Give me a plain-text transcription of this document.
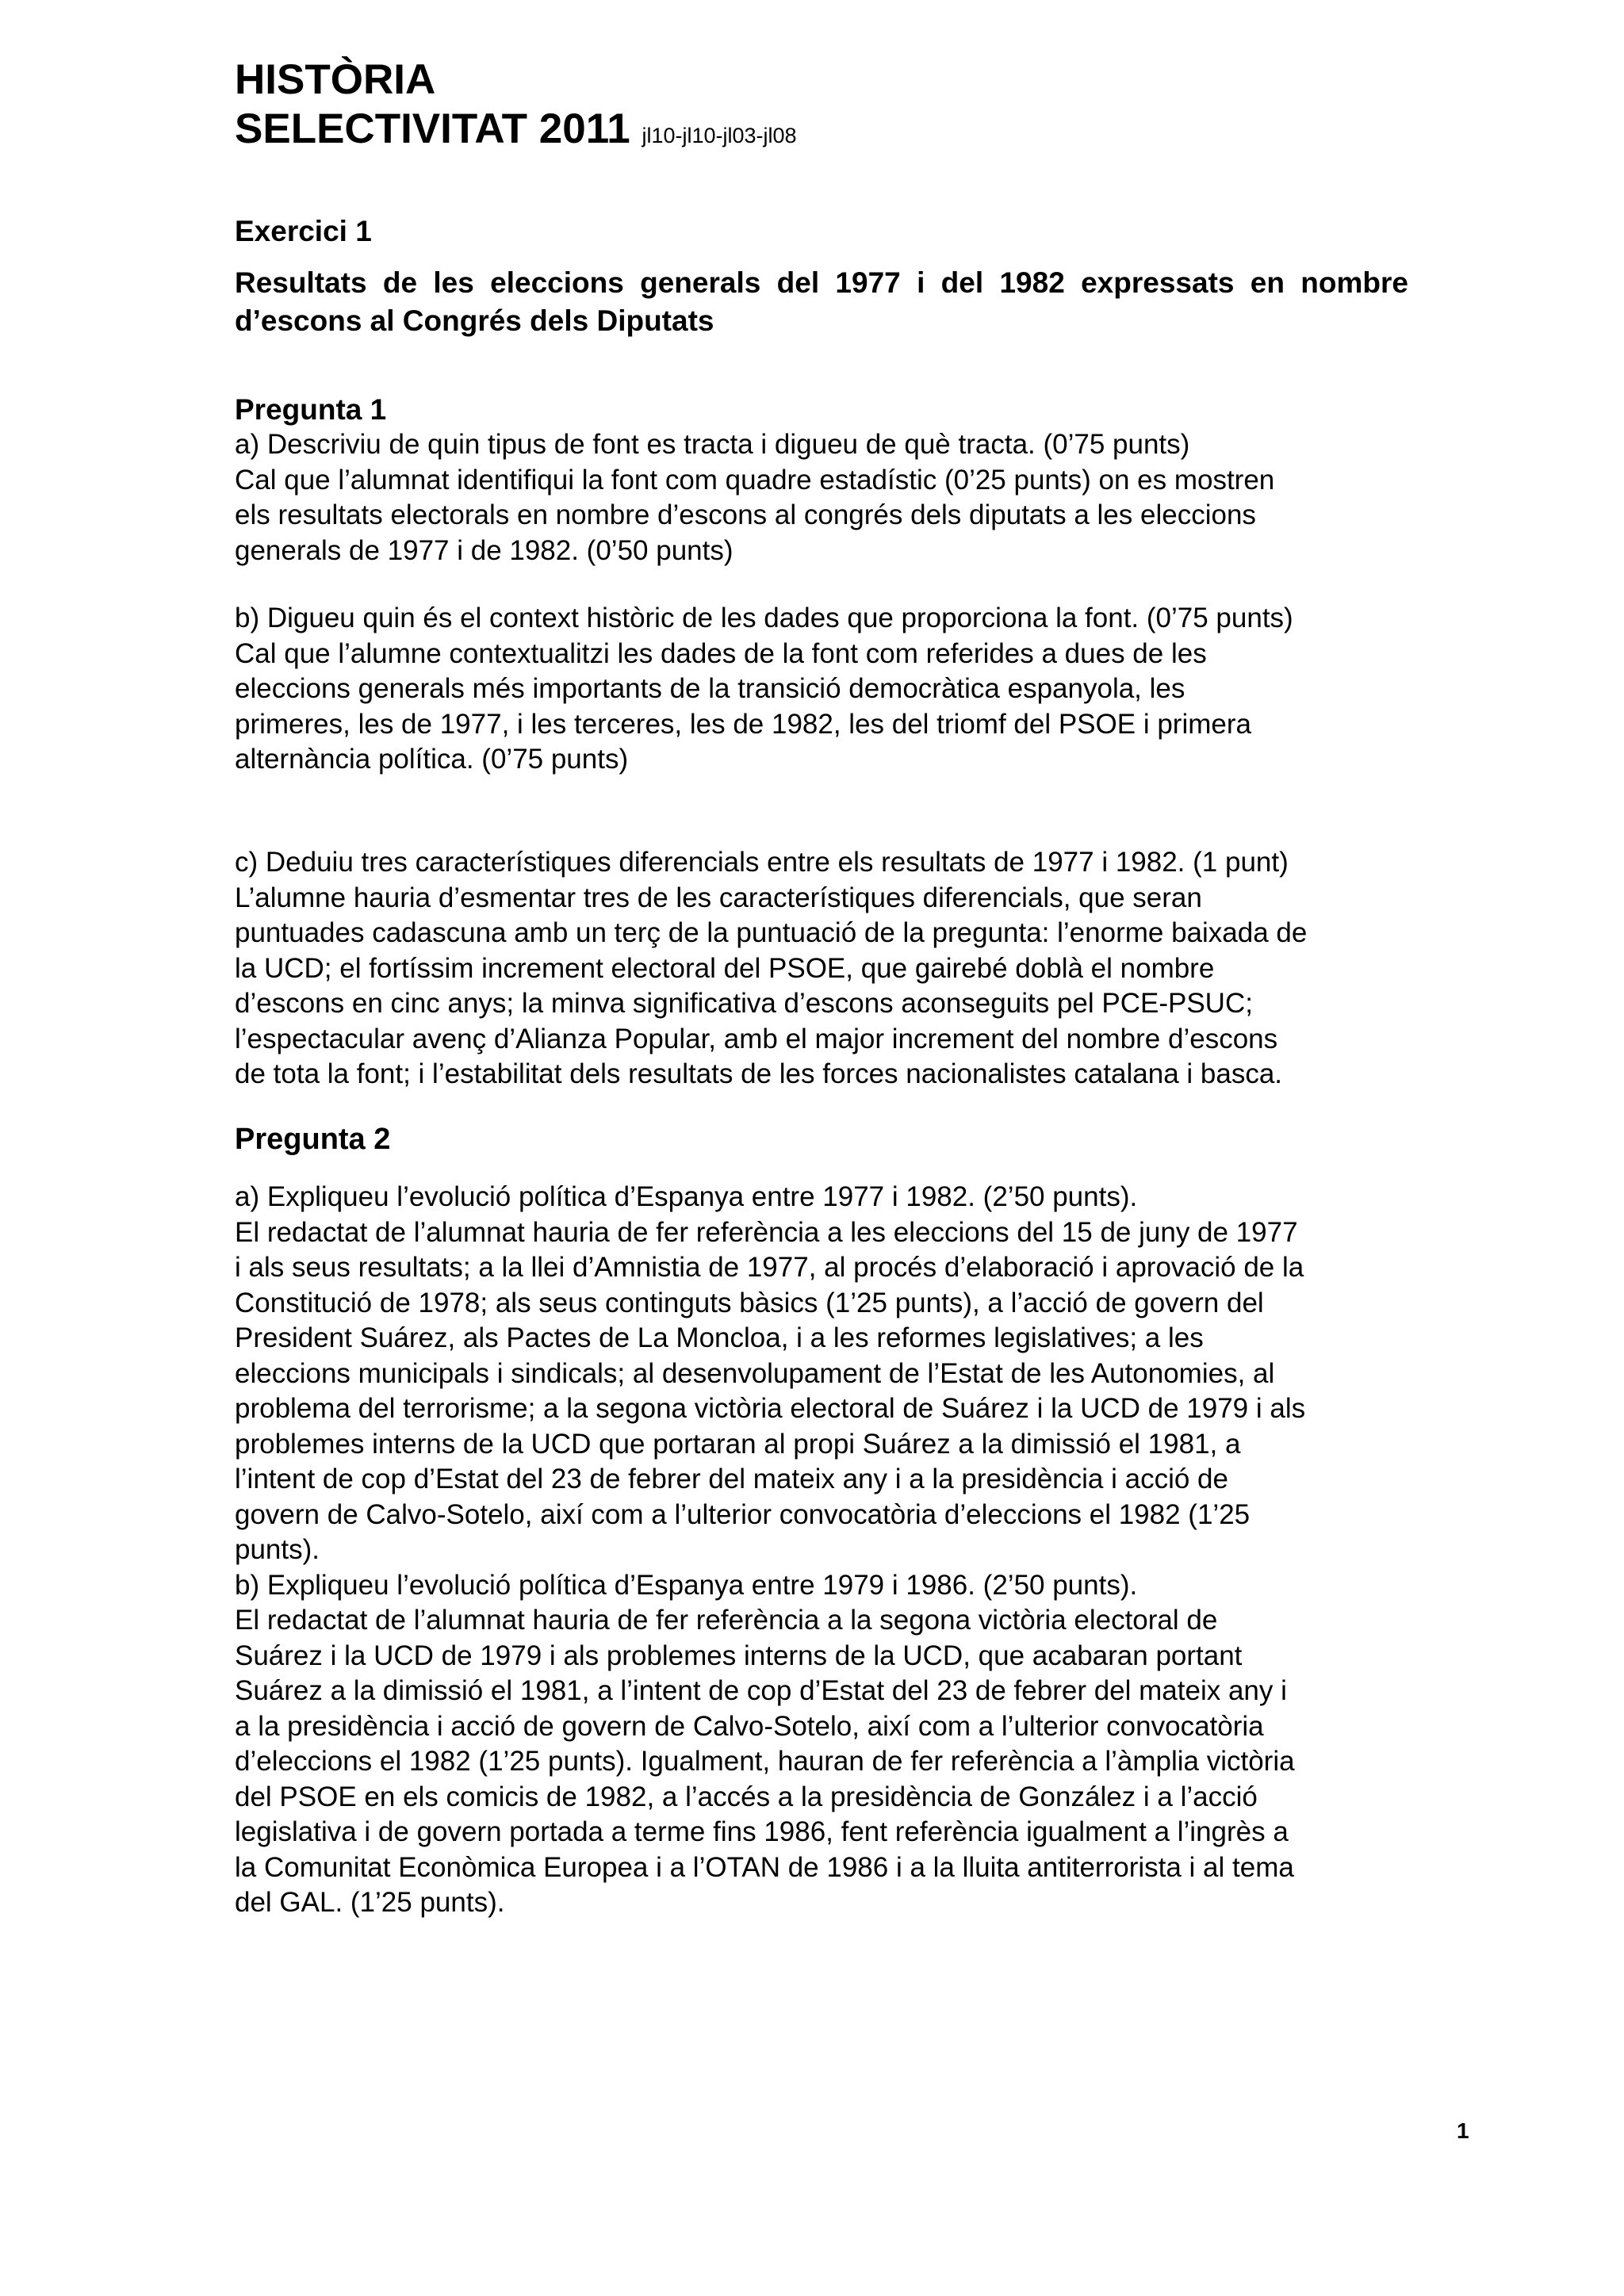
HISTÒRIA

SELECTIVITAT 2011 jl10-jl10-jl03-jl08

Exercici 1

Resultats de les eleccions generals del 1977 i del 1982 expressats en nombre d’escons al Congrés dels Diputats

Pregunta 1

a) Descriviu de quin tipus de font es tracta i digueu de què tracta. (0’75 punts)

Cal que l’alumnat identifiqui la font com quadre estadístic (0’25 punts) on es mostren

els resultats electorals en nombre d’escons al congrés dels diputats a les eleccions

generals de 1977 i de 1982. (0’50 punts)

b) Digueu quin és el context històric de les dades que proporciona la font. (0’75 punts)

Cal que l’alumne contextualitzi les dades de la font com referides a dues de les

eleccions generals més importants de la transició democràtica espanyola, les

primeres, les de 1977, i les terceres, les de 1982, les del triomf del PSOE i primera

alternància política. (0’75 punts)

c) Deduiu tres característiques diferencials entre els resultats de 1977 i 1982. (1 punt)

L’alumne hauria d’esmentar tres de les característiques diferencials, que seran

puntuades cadascuna amb un terç de la puntuació de la pregunta: l’enorme baixada de

la UCD; el fortíssim increment electoral del PSOE, que gairebé doblà el nombre

d’escons en cinc anys; la minva significativa d’escons aconseguits pel PCE-PSUC;

l’espectacular avenç d’Alianza Popular, amb el major increment del nombre d’escons

de tota la font; i l’estabilitat dels resultats de les forces nacionalistes catalana i basca.

Pregunta 2

a) Expliqueu l’evolució política d’Espanya entre 1977 i 1982. (2’50 punts).

El redactat de l’alumnat hauria de fer referència a les eleccions del 15 de juny de 1977

i als seus resultats; a la llei d’Amnistia de 1977, al procés d’elaboració i aprovació de la

Constitució de 1978; als seus continguts bàsics (1’25 punts), a l’acció de govern del

President Suárez, als Pactes de La Moncloa, i a les reformes legislatives; a les

eleccions municipals i sindicals; al desenvolupament de l’Estat de les Autonomies, al

problema del terrorisme; a la segona victòria electoral de Suárez i la UCD de 1979 i als

problemes interns de la UCD que portaran al propi Suárez a la dimissió el 1981, a

l’intent de cop d’Estat del 23 de febrer del mateix any i a la presidència i acció de

govern de Calvo-Sotelo, així com a l’ulterior convocatòria d’eleccions el 1982 (1’25

punts).

b) Expliqueu l’evolució política d’Espanya entre 1979 i 1986. (2’50 punts).

El redactat de l’alumnat hauria de fer referència a la segona victòria electoral de

Suárez i la UCD de 1979 i als problemes interns de la UCD, que acabaran portant

Suárez a la dimissió el 1981, a l’intent de cop d’Estat del 23 de febrer del mateix any i

a la presidència i acció de govern de Calvo-Sotelo, així com a l’ulterior convocatòria

d’eleccions el 1982 (1’25 punts). Igualment, hauran de fer referència a l’àmplia victòria

del PSOE en els comicis de 1982, a l’accés a la presidència de González i a l’acció

legislativa i de govern portada a terme fins 1986, fent referència igualment a l’ingrès a

la Comunitat Econòmica Europea i a l’OTAN de 1986 i a la lluita antiterrorista i al tema

del GAL. (1’25 punts).

1
